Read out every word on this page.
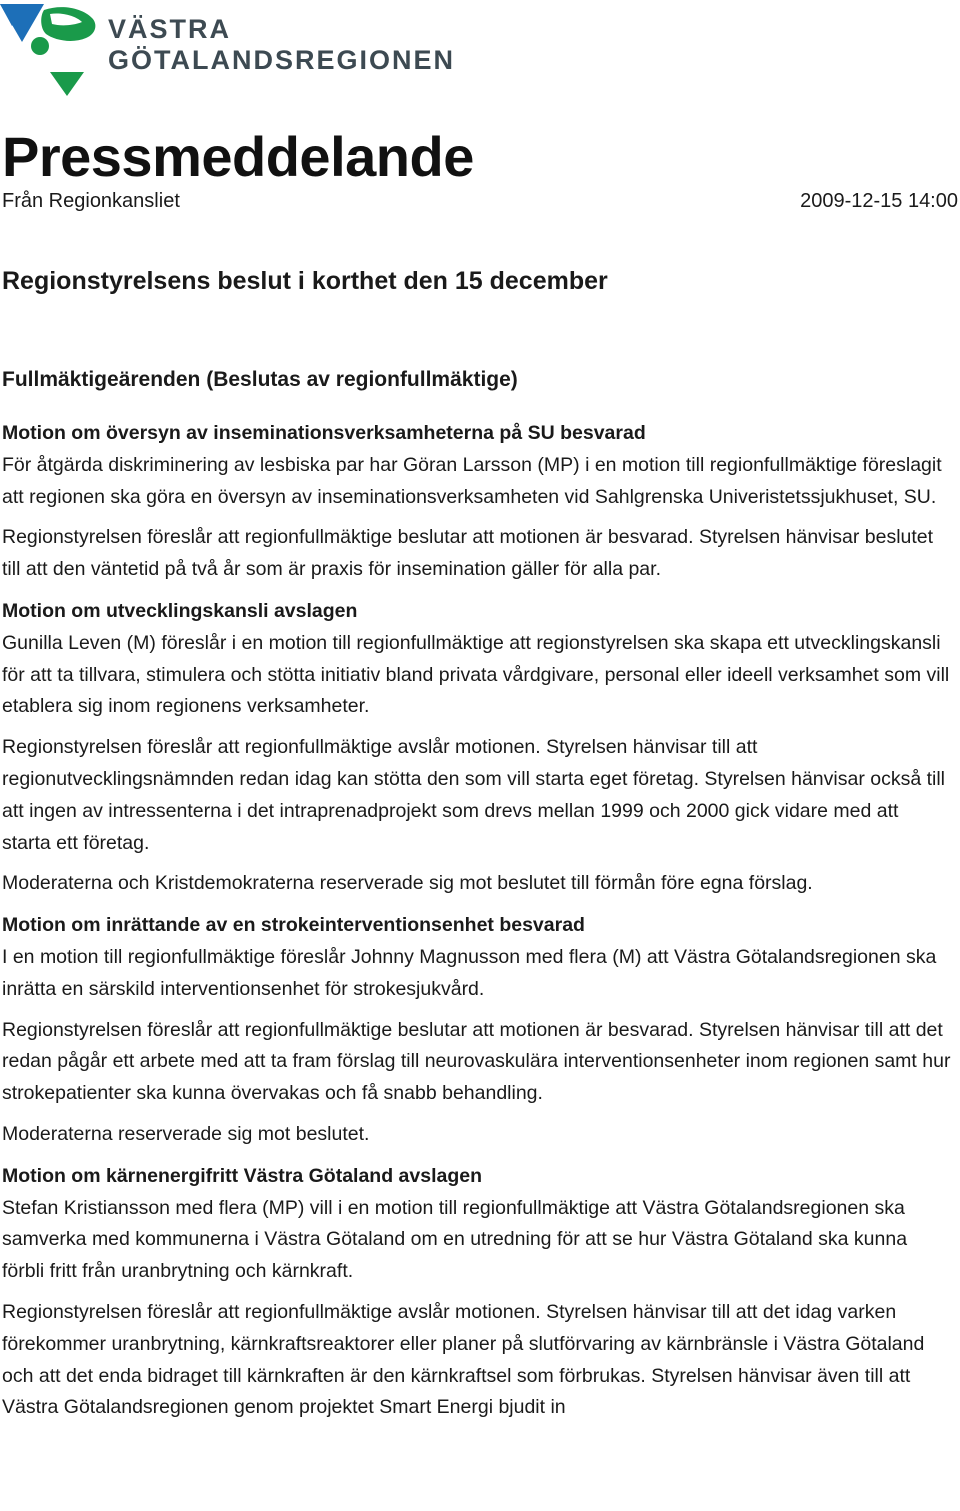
VÄSTRA
GÖTALANDSREGIONEN
Pressmeddelande
Från Regionkansliet	2009-12-15 14:00
Regionstyrelsens beslut i korthet den 15 december
Fullmäktigeärenden (Beslutas av regionfullmäktige)
Motion om översyn av inseminationsverksamheterna på SU besvarad

För åtgärda diskriminering av lesbiska par har Göran Larsson (MP) i en motion till regionfullmäktige föreslagit att regionen ska göra en översyn av inseminationsverksamheten vid Sahlgrenska Univeristetssjukhuset, SU.

Regionstyrelsen föreslår att regionfullmäktige beslutar att motionen är besvarad. Styrelsen hänvisar beslutet till att den väntetid på två år som är praxis för insemination gäller för alla par.

Motion om utvecklingskansli avslagen

Gunilla Leven (M) föreslår i en motion till regionfullmäktige att regionstyrelsen ska skapa ett utvecklingskansli för att ta tillvara, stimulera och stötta initiativ bland privata vårdgivare, personal eller ideell verksamhet som vill etablera sig inom regionens verksamheter.

Regionstyrelsen föreslår att regionfullmäktige avslår motionen. Styrelsen hänvisar till att regionutvecklingsnämnden redan idag kan stötta den som vill starta eget företag. Styrelsen hänvisar också till att ingen av intressenterna i det intraprenadprojekt som drevs mellan 1999 och 2000 gick vidare med att starta ett företag.

Moderaterna och Kristdemokraterna reserverade sig mot beslutet till förmån före egna förslag.

Motion om inrättande av en strokeinterventionsenhet besvarad

I en motion till regionfullmäktige föreslår Johnny Magnusson med flera (M) att Västra Götalandsregionen ska inrätta en särskild interventionsenhet för strokesjukvård.

Regionstyrelsen föreslår att regionfullmäktige beslutar att motionen är besvarad. Styrelsen hänvisar till att det redan pågår ett arbete med att ta fram förslag till neurovaskulära interventionsenheter inom regionen samt hur strokepatienter ska kunna övervakas och få snabb behandling.

Moderaterna reserverade sig mot beslutet.

Motion om kärnenergifritt Västra Götaland avslagen

Stefan Kristiansson med flera (MP) vill i en motion till regionfullmäktige att Västra Götalandsregionen ska samverka med kommunerna i Västra Götaland om en utredning för att se hur Västra Götaland ska kunna förbli fritt från uranbrytning och kärnkraft.

Regionstyrelsen föreslår att regionfullmäktige avslår motionen. Styrelsen hänvisar till att det idag varken förekommer uranbrytning, kärnkraftsreaktorer eller planer på slutförvaring av kärnbränsle i Västra Götaland och att det enda bidraget till kärnkraften är den kärnkraftsel som förbrukas. Styrelsen hänvisar även till att Västra Götalandsregionen genom projektet Smart Energi bjudit in
